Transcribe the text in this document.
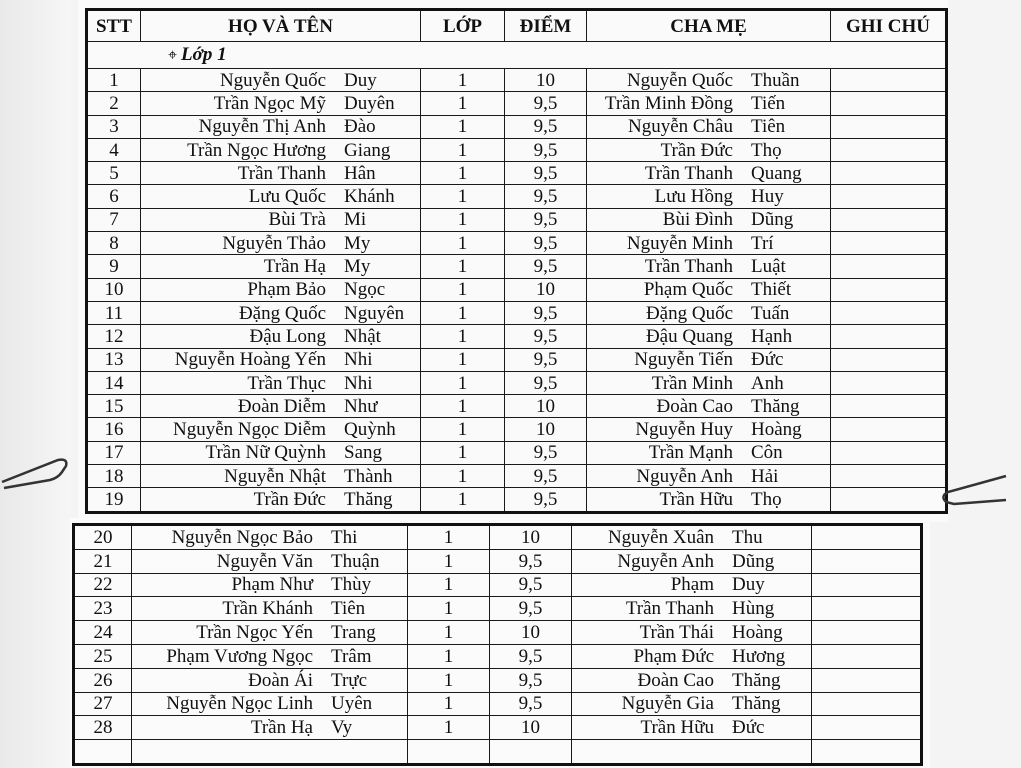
STT	HỌ VÀ TÊN	LỚP	ĐIỂM	CHA MẸ	GHI CHÚ
⌖ Lớp 1					
1	Nguyễn Quốc Duy	1	10	Nguyễn Quốc Thuần	

2	Trần Ngọc Mỹ Duyên	1	9,5	Trần Minh Đồng Tiến	

3	Nguyễn Thị Anh Đào	1	9,5	Nguyễn Châu Tiên	

4	Trần Ngọc Hương Giang	1	9,5	Trần Đức Thọ	

5	Trần Thanh Hân	1	9,5	Trần Thanh Quang	

6	Lưu Quốc Khánh	1	9,5	Lưu Hồng Huy	

7	Bùi Trà Mi	1	9,5	Bùi Đình Dũng	

8	Nguyễn Thảo My	1	9,5	Nguyễn Minh Trí	

9	Trần Hạ My	1	9,5	Trần Thanh Luật	

10	Phạm Bảo Ngọc	1	10	Phạm Quốc Thiết	

11	Đặng Quốc Nguyên	1	9,5	Đặng Quốc Tuấn	

12	Đậu Long Nhật	1	9,5	Đậu Quang Hạnh	

13	Nguyễn Hoàng Yến Nhi	1	9,5	Nguyễn Tiến Đức	

14	Trần Thục Nhi	1	9,5	Trần Minh Anh	

15	Đoàn Diễm Như	1	10	Đoàn Cao Thăng	

16	Nguyễn Ngọc Diễm Quỳnh	1	10	Nguyễn Huy Hoàng	

17	Trần Nữ Quỳnh Sang	1	9,5	Trần Mạnh Côn	

18	Nguyễn Nhật Thành	1	9,5	Nguyễn Anh Hải	

19	Trần Đức Thăng	1	9,5	Trần Hữu Thọ	

20	Nguyễn Ngọc Bảo Thi	1	10	Nguyễn Xuân Thu	

21	Nguyễn Văn Thuận	1	9,5	Nguyễn Anh Dũng	

22	Phạm Như Thùy	1	9,5	Phạm Duy	

23	Trần Khánh Tiên	1	9,5	Trần Thanh Hùng	

24	Trần Ngọc Yến Trang	1	10	Trần Thái Hoàng	

25	Phạm Vương Ngọc Trâm	1	9,5	Phạm Đức Hương	

26	Đoàn Ái Trực	1	9,5	Đoàn Cao Thăng	

27	Nguyễn Ngọc Linh Uyên	1	9,5	Nguyễn Gia Thăng	

28	Trần Hạ Vy	1	10	Trần Hữu Đức	
